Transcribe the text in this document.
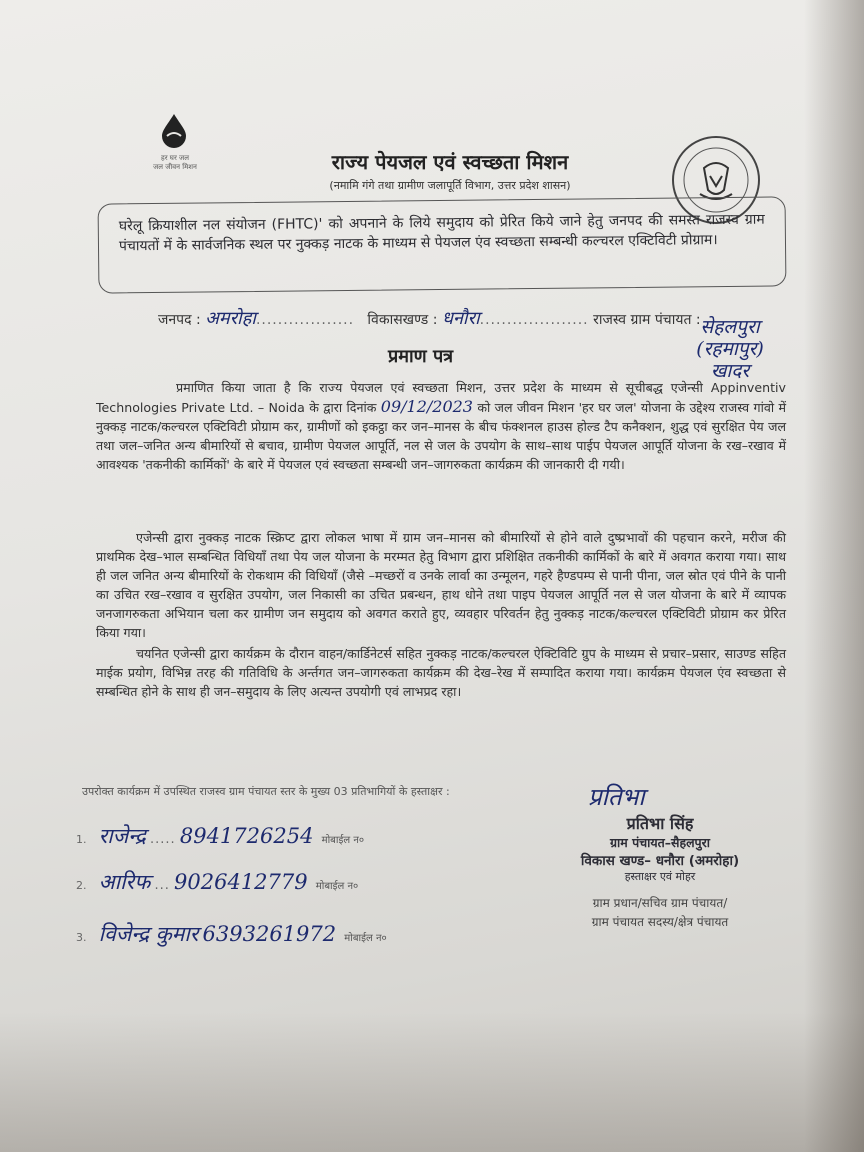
हर घर जल
जल जीवन मिशन	राज्य पेयजल एवं स्वच्छता मिशन
(नमामि गंगे तथा ग्रामीण जलापूर्ति विभाग, उत्तर प्रदेश शासन)
घरेलू क्रियाशील नल संयोजन (FHTC)' को अपनाने के लिये समुदाय को प्रेरित किये जाने हेतु जनपद की समस्त राजस्व ग्राम पंचायतों में के सार्वजनिक स्थल पर नुक्कड़ नाटक के माध्यम से पेयजल एंव स्वच्छता सम्बन्धी कल्चरल एक्टिविटी प्रोग्राम।
जनपद : अमरोहा.................. विकासखण्ड : धनौरा.................... राजस्व ग्राम पंचायत : सेहलपुरा
(रहमापुर)
खादर
प्रमाण पत्र
प्रमाणित किया जाता है कि राज्य पेयजल एवं स्वच्छता मिशन, उत्तर प्रदेश के माध्यम से सूचीबद्ध एजेन्सी Appinventiv Technologies Private Ltd. – Noida के द्वारा दिनांक 09/12/2023 को जल जीवन मिशन 'हर घर जल' योजना के उद्देश्य राजस्व गांवो में नुक्कड़ नाटक/कल्चरल एक्टिविटी प्रोग्राम कर, ग्रामीणों को इकट्ठा कर जन–मानस के बीच फंक्शनल हाउस होल्ड टैप कनैक्शन, शुद्ध एवं सुरक्षित पेय जल तथा जल–जनित अन्य बीमारियों से बचाव, ग्रामीण पेयजल आपूर्ति, नल से जल के उपयोग के साथ–साथ पाईप पेयजल आपूर्ति योजना के रख–रखाव में आवश्यक 'तकनीकी कार्मिकों' के बारे में पेयजल एवं स्वच्छता सम्बन्धी जन–जागरुकता कार्यक्रम की जानकारी दी गयी।
एजेन्सी द्वारा नुक्कड़ नाटक स्क्रिप्ट द्वारा लोकल भाषा में ग्राम जन–मानस को बीमारियों से होने वाले दुष्प्रभावों की पहचान करने, मरीज की प्राथमिक देख–भाल सम्बन्धित विधियाँ तथा पेय जल योजना के मरम्मत हेतु विभाग द्वारा प्रशिक्षित तकनीकी कार्मिकों के बारे में अवगत कराया गया। साथ ही जल जनित अन्य बीमारियों के रोकथाम की विधियाँ (जैसे –मच्छरों व उनके लार्वा का उन्मूलन, गहरे हैण्डपम्प से पानी पीना, जल स्रोत एवं पीने के पानी का उचित रख–रखाव व सुरक्षित उपयोग, जल निकासी का उचित प्रबन्धन, हाथ धोने तथा पाइप पेयजल आपूर्ति नल से जल योजना के बारे में व्यापक जनजागरुकता अभियान चला कर ग्रामीण जन समुदाय को अवगत कराते हुए, व्यवहार परिवर्तन हेतु नुक्कड़ नाटक/कल्चरल एक्टिविटी प्रोग्राम कर प्रेरित किया गया।
चयनित एजेन्सी द्वारा कार्यक्रम के दौरान वाहन/कार्डिनेटर्स सहित नुक्कड़ नाटक/कल्चरल ऐक्टिविटि ग्रुप के माध्यम से प्रचार–प्रसार, साउण्ड सहित माईक प्रयोग, विभिन्न तरह की गतिविधि के अर्न्तगत जन–जागरुकता कार्यक्रम की देख–रेख में सम्पादित कराया गया। कार्यक्रम पेयजल एंव स्वच्छता से सम्बन्धित होने के साथ ही जन–समुदाय के लिए अत्यन्त उपयोगी एवं लाभप्रद रहा।
उपरोक्त कार्यक्रम में उपस्थित राजस्व ग्राम पंचायत स्तर के मुख्य 03 प्रतिभागियों के हस्ताक्षर :
1. राजेन्द्र ..... 8941726254 मोबाईल न०
2. आरिफ ... 9026412779 मोबाईल न०
3. विजेन्द्र कुमार 6393261972 मोबाईल न०
प्रतिभा
प्रतिभा सिंह
ग्राम पंचायत–सैहलपुरा
विकास खण्ड– धनौरा (अमरोहा)
हस्ताक्षर एवं मोहर
ग्राम प्रधान/सचिव ग्राम पंचायत/
ग्राम पंचायत सदस्य/क्षेत्र पंचायत
